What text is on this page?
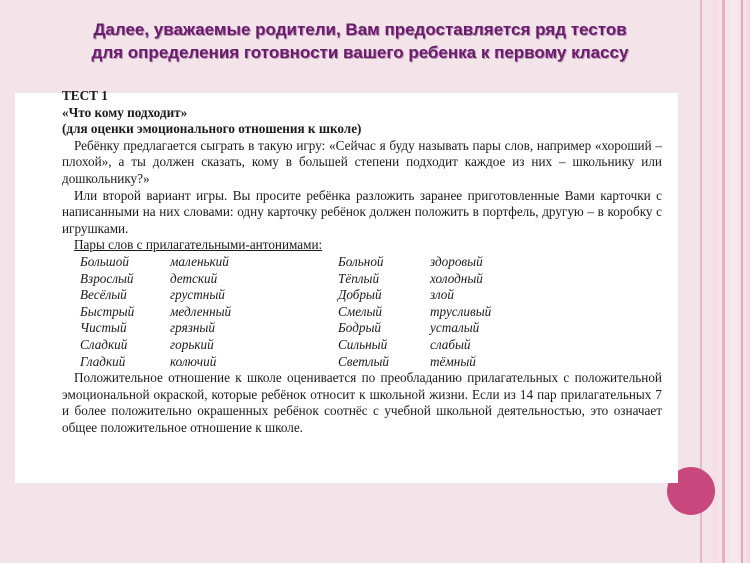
Далее, уважаемые родители, Вам предоставляется ряд тестов
для определения готовности вашего ребенка к первому классу

ТЕСТ 1

«Что кому подходит»

(для оценки эмоционального отношения к школе)

Ребёнку предлагается сыграть в такую игру: «Сейчас я буду называть пары слов, например «хороший – плохой», а ты должен сказать, кому в большей степени подходит каждое из них – школьнику или дошкольнику?»

Или второй вариант игры. Вы просите ребёнка разложить заранее приготовленные Вами карточки с написанными на них словами: одну карточку ребёнок должен положить в портфель, другую – в коробку с игрушками.

Пары слов с прилагательными-антонимами:

Большой	маленький	Больной	здоровый
Взрослый	детский	Тёплый	холодный
Весёлый	грустный	Добрый	злой
Быстрый	медленный	Смелый	трусливый
Чистый	грязный	Бодрый	усталый
Сладкий	горький	Сильный	слабый
Гладкий	колючий	Светлый	тёмный

Положительное отношение к школе оценивается по преобладанию прилагательных с положительной эмоциональной окраской, которые ребёнок относит к школьной жизни. Если из 14 пар прилагательных 7 и более положительно окрашенных ребёнок соотнёс с учебной школьной деятельностью, это означает общее положительное отношение к школе.
